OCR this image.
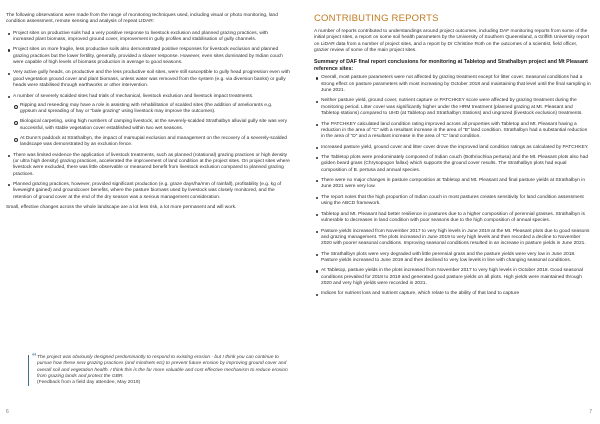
The following observations were made from the range of monitoring techniques used, including visual or photo monitoring, land condition assessment, remote sensing and analysis of repeat LIDAR:

Project sites on productive soils had a very positive response to livestock exclusion and planned grazing practices, with increased plant biomass, improved ground cover, improvement in gully profiles and stabilisation of gully channels.
Project sites on more fragile, less productive soils also demonstrated positive responses for livestock exclusion and planned grazing practices but the lower fertility, generally, provided a slower response. However, even sites dominated by Indian couch were capable of high levels of biomass production in average to good seasons.
Very active gully heads, on productive and the less productive soil sites, were still susceptible to gully head progression even with good vegetation ground cover and plant biomass, unless water was removed from the system (e.g. via diversion banks) or gully heads were stabilised through earthworks or other intervention.
A number of severely scalded sites had trials of mechanical, livestock exclusion and livestock impact treatments.
Ripping and reseeding may have a role in assisting with rehabilitation of scalded sites (the addition of ameliorants e.g. gypsum and spreading of hay or “bale grazing” using livestock may improve the outcomes).
Biological carpeting, using high numbers of camping livestock, at the severely-scalded Strathalbyn alluvial gully site was very successful, with stable vegetation cover established within two wet seasons.
At Dunn’s paddock at Strathalbyn, the impact of marsupial exclusion and management on the recovery of a severely-scalded landscape was demonstrated by an exclusion fence.
There was limited evidence the application of livestock treatments, such as planned (rotational) grazing practices or high density (or ultra high density) grazing practices, accelerated the improvement of land condition at the project sites. On project sites where livestock were excluded, there was little observable or measured benefit from livestock exclusion compared to planned grazing practices.
Planned grazing practices, however, provided significant production (e.g. graze days/ha/mm of rainfall), profitability (e.g. kg of liveweight gained) and groundcover benefits, where the pasture biomass used by livestock was closely monitored, and the retention of ground cover at the end of the dry season was a serious management consideration.

Small, effective changes across the whole landscape are a lot less risk, a lot more permanent and will work.

“ The project was obviously designed predominantly to respond to existing erosion - but I think you can continue to pursue how these new grazing practices (and mindsets etc) to prevent future erosion by improving ground cover and overall soil and vegetation health. I think this is the far more valuable and cost effective mechanism to reduce erosion from grazing lands and protect the GBR.

(Feedback from a field day attendee, May 2019)

6
CONTRIBUTING REPORTS

A number of reports contributed to understandings around project outcomes, including DAF monitoring reports from some of the initial project sites, a report on some soil health parameters by the University of Southern Queensland, a Griffith University report on LiDAR data from a number of project sites, and a report by Dr Christine Roth on the outcomes of a scientist, field officer, grazier review of some of the main project sites.

Summary of DAF final report conclusions for monitoring at Tabletop and Strathalbyn project and Mt Pleasant reference sites:
Overall, most pasture parameters were not affected by grazing treatment except for litter cover. Seasonal conditions had a strong effect on pasture parameters with most increasing by October 2018 and maintaining that level until the final sampling in June 2021.
Neither pasture yield, ground cover, nutrient capture or PATCHKEY score were affected by grazing treatment during the monitoring period. Litter cover was significantly higher under the HRM treatment (planned grazing at Mt. Pleasant and Tabletop stations) compared to UHD (at Tabletop and Strathalbyn Stations) and ungrazed (livestock exclusion) treatments.
The PATCHKEY calculated land condition rating improved across all properties with Tabletop and Mt. Pleasant having a reduction in the area of “C” with a resultant increase in the area of “B” land condition. Strathalbyn had a substantial reduction in the area of “D” and a resultant increase in the area of “C” land condition.
Increased pasture yield, ground cover and litter cover drove the improved land condition ratings as calculated by PATCHKEY.
The Tabletop plots were predominately composed of Indian couch (Bothriochloa pertusa) and the Mt. Pleasant plots also had golden beard grass (Chrysopogon fallax) which supports the ground cover results. The Strathalbyn plots had equal composition of B. pertusa and annual species.
There were no major changes in pasture composition at Tabletop and Mt. Pleasant and final pasture yields at Strathalbyn in June 2021 were very low.
The report notes that the high proportion of Indian couch in most pastures creates sensitivity for land condition assessment using the ABCD framework.
Tabletop and Mt. Pleasant had better resilience in pastures due to a higher composition of perennial grasses. Strathalbyn is vulnerable to decreases in land condition with poor seasons due to the high composition of annual species.
Pasture yields increased from November 2017 to very high levels in June 2019 at the Mt. Pleasant plots due to good seasons and grazing management. The plots increased in June 2019 to very high levels and then recorded a decline to November 2020 with poorer seasonal conditions. Improving seasonal conditions resulted in an increase in pasture yields in June 2021.
The Strathalbyn plots were very degraded with little perennial grass and the pasture yields were very low in June 2018. Pasture yields increased to June 2019 and then declined to very low levels in line with changing seasonal conditions.
At Tabletop, pasture yields in the plots increased from November 2017 to very high levels in October 2018. Good seasonal conditions prevailed for 2018 to 2019 and generated good pasture yields on all plots. High yields were maintained through 2020 and very high yields were recorded in 2021.
Indices for nutrient loss and nutrient capture, which relate to the ability of that land to capture
7
